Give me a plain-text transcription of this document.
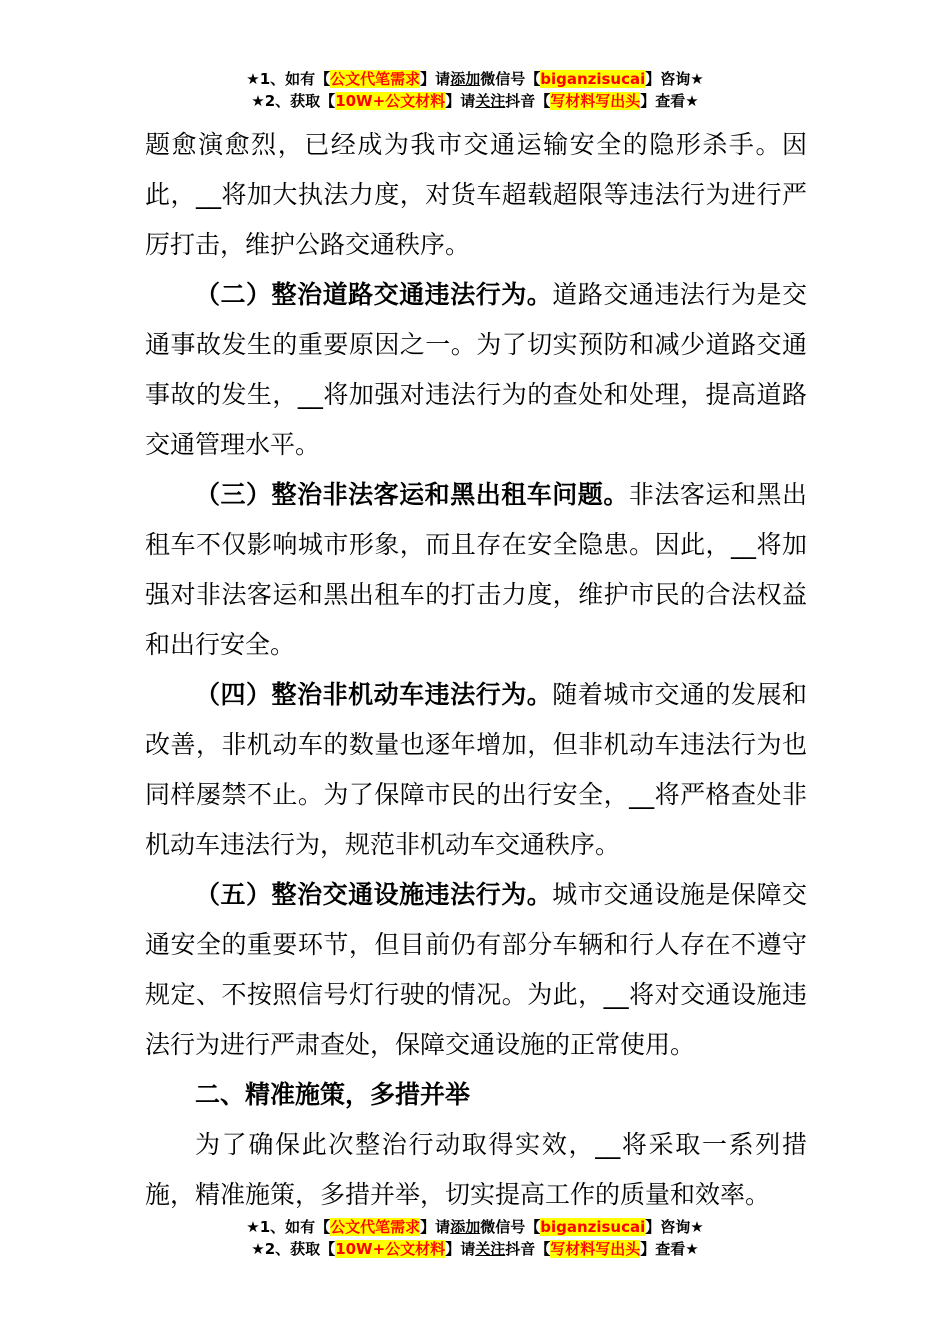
★1、如有【公文代笔需求】请添加微信号【biganzisucai】咨询★
★2、获取【10W+公文材料】请关注抖音【写材料写出头】查看★

题愈演愈烈，已经成为我市交通运输安全的隐形杀手。因此，__将加大执法力度，对货车超载超限等违法行为进行严厉打击，维护公路交通秩序。

（二）整治道路交通违法行为。道路交通违法行为是交通事故发生的重要原因之一。为了切实预防和减少道路交通事故的发生，__将加强对违法行为的查处和处理，提高道路交通管理水平。

（三）整治非法客运和黑出租车问题。非法客运和黑出租车不仅影响城市形象，而且存在安全隐患。因此，__将加强对非法客运和黑出租车的打击力度，维护市民的合法权益和出行安全。

（四）整治非机动车违法行为。随着城市交通的发展和改善，非机动车的数量也逐年增加，但非机动车违法行为也同样屡禁不止。为了保障市民的出行安全，__将严格查处非机动车违法行为，规范非机动车交通秩序。

（五）整治交通设施违法行为。城市交通设施是保障交通安全的重要环节，但目前仍有部分车辆和行人存在不遵守规定、不按照信号灯行驶的情况。为此，__将对交通设施违法行为进行严肃查处，保障交通设施的正常使用。

二、精准施策，多措并举

为了确保此次整治行动取得实效，__将采取一系列措施，精准施策，多措并举，切实提高工作的质量和效率。

★1、如有【公文代笔需求】请添加微信号【biganzisucai】咨询★
★2、获取【10W+公文材料】请关注抖音【写材料写出头】查看★
